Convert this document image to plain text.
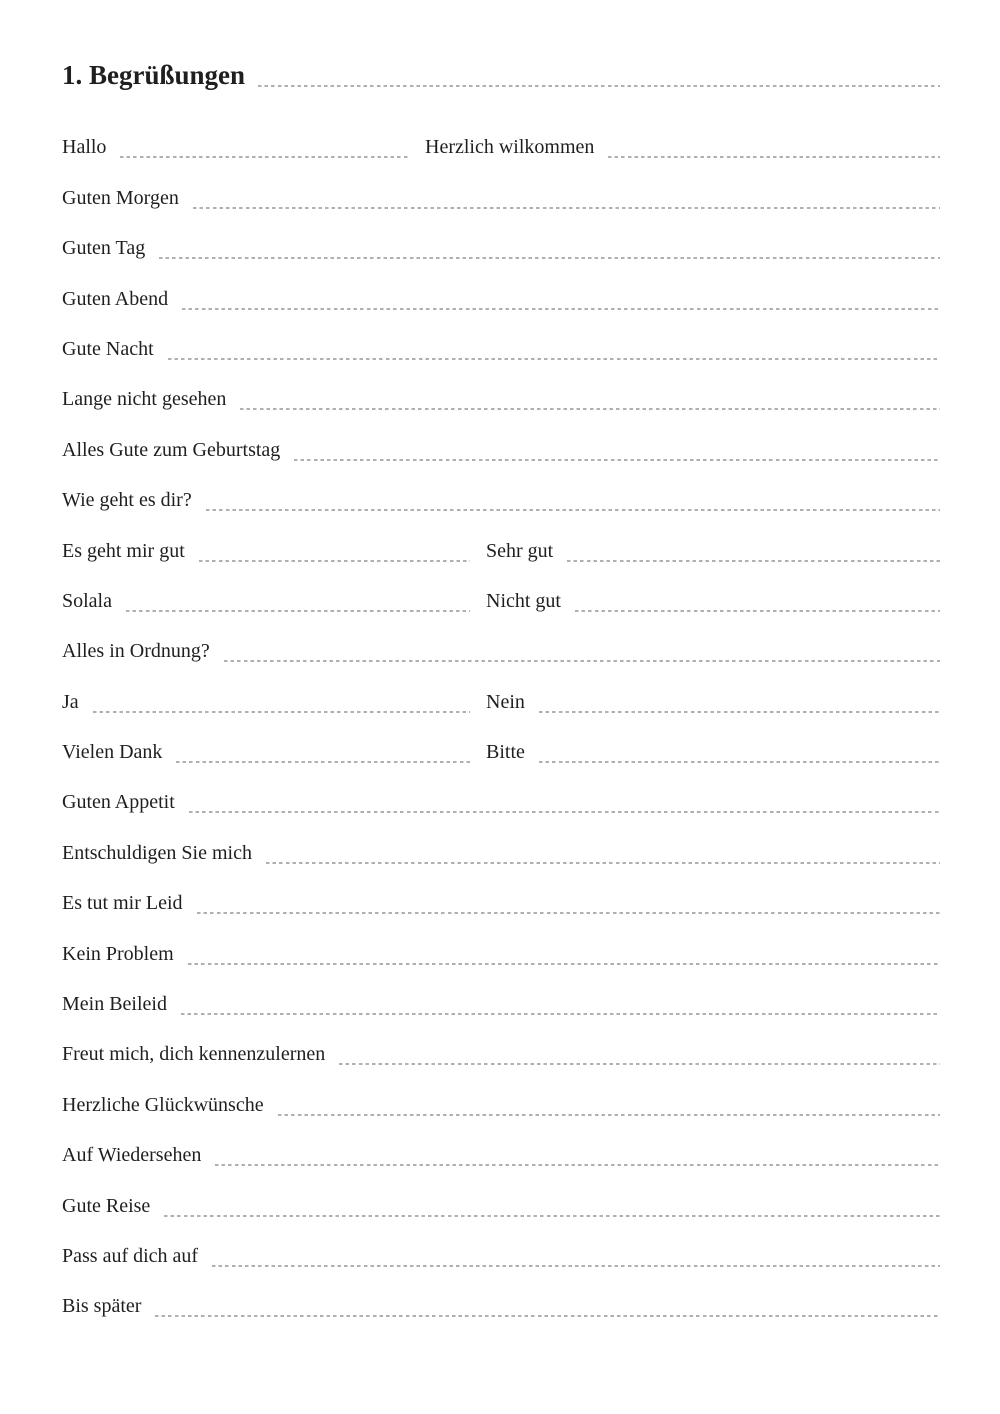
1. Begrüßungen
Hallo	Herzlich wilkommen
Guten Morgen
Guten Tag
Guten Abend
Gute Nacht
Lange nicht gesehen
Alles Gute zum Geburtstag
Wie geht es dir?
Es geht mir gut	Sehr gut
Solala	Nicht gut
Alles in Ordnung?
Ja	Nein
Vielen Dank	Bitte
Guten Appetit
Entschuldigen Sie mich
Es tut mir Leid
Kein Problem
Mein Beileid
Freut mich, dich kennenzulernen
Herzliche Glückwünsche
Auf Wiedersehen
Gute Reise
Pass auf dich auf
Bis später
